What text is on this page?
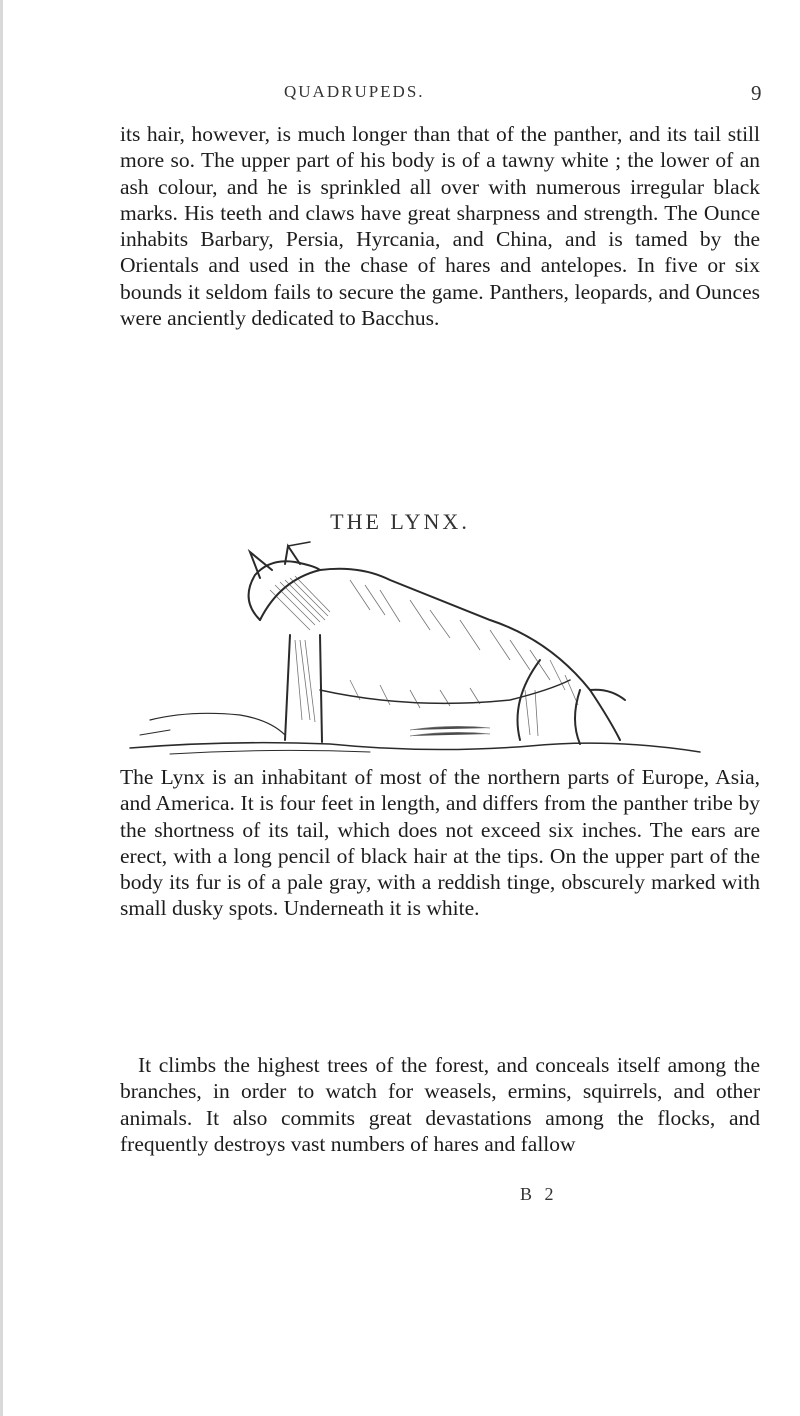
QUADRUPEDS.	9

its hair, however, is much longer than that of the panther, and its tail still more so. The upper part of his body is of a tawny white ; the lower of an ash colour, and he is sprinkled all over with numerous irregular black marks. His teeth and claws have great sharpness and strength. The Ounce inhabits Barbary, Persia, Hyrcania, and China, and is tamed by the Orientals and used in the chase of hares and antelopes. In five or six bounds it seldom fails to secure the game. Panthers, leopards, and Ounces were anciently dedicated to Bacchus.

THE LYNX.

The Lynx is an inhabitant of most of the northern parts of Europe, Asia, and America. It is four feet in length, and differs from the panther tribe by the shortness of its tail, which does not exceed six inches. The ears are erect, with a long pencil of black hair at the tips. On the upper part of the body its fur is of a pale gray, with a reddish tinge, obscurely marked with small dusky spots. Underneath it is white.

It climbs the highest trees of the forest, and conceals itself among the branches, in order to watch for weasels, ermins, squirrels, and other animals. It also commits great devastations among the flocks, and frequently destroys vast numbers of hares and fallow

B 2
